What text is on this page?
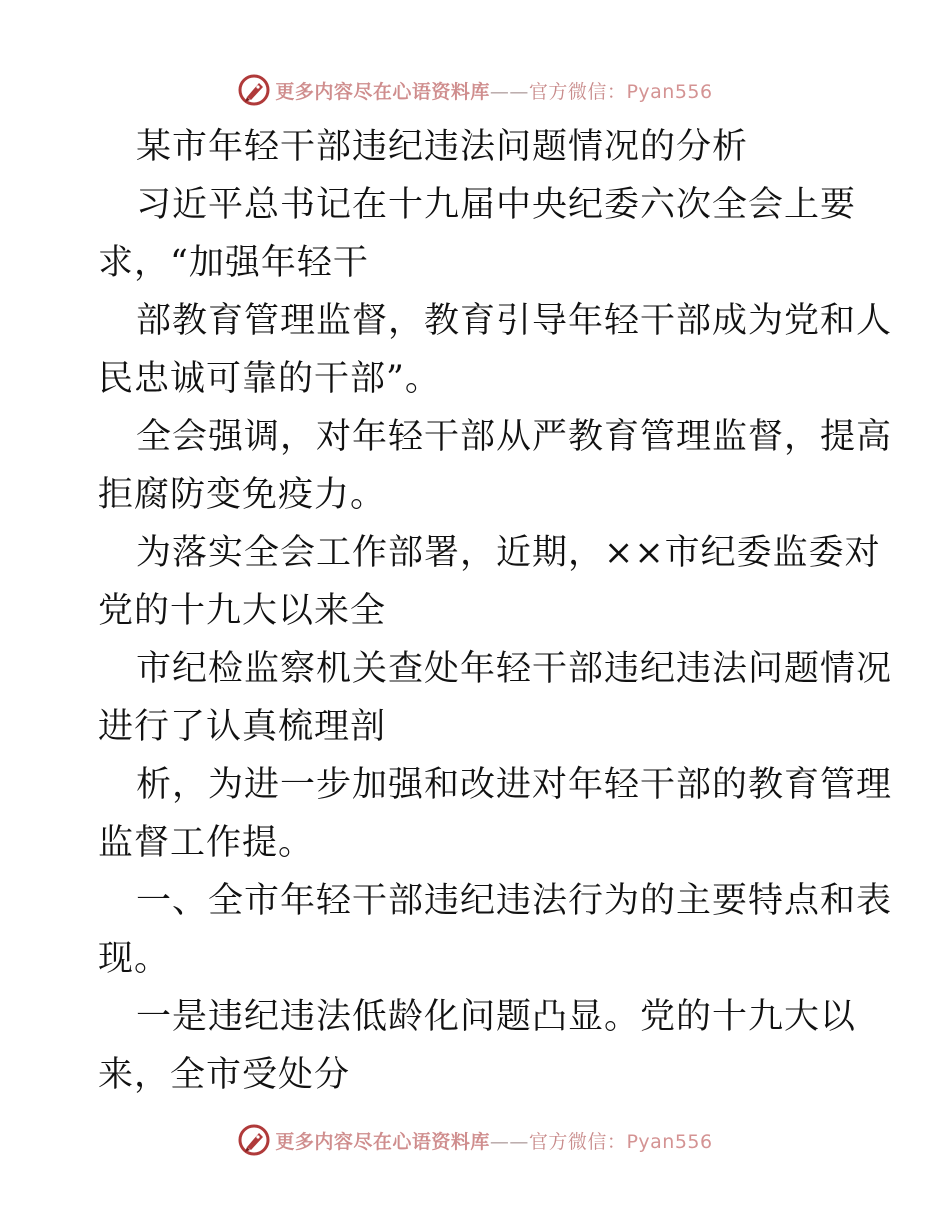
更多内容尽在心语资料库——官方微信：Pyan556
某市年轻干部违纪违法问题情况的分析
习近平总书记在十九届中央纪委六次全会上要
求，“加强年轻干
部教育管理监督，教育引导年轻干部成为党和人
民忠诚可靠的干部”。
全会强调，对年轻干部从严教育管理监督，提高
拒腐防变免疫力。
为落实全会工作部署，近期，××市纪委监委对
党的十九大以来全
市纪检监察机关查处年轻干部违纪违法问题情况
进行了认真梳理剖
析，为进一步加强和改进对年轻干部的教育管理
监督工作提。
一、全市年轻干部违纪违法行为的主要特点和表
现。
一是违纪违法低龄化问题凸显。党的十九大以
来，全市受处分
更多内容尽在心语资料库——官方微信：Pyan556
